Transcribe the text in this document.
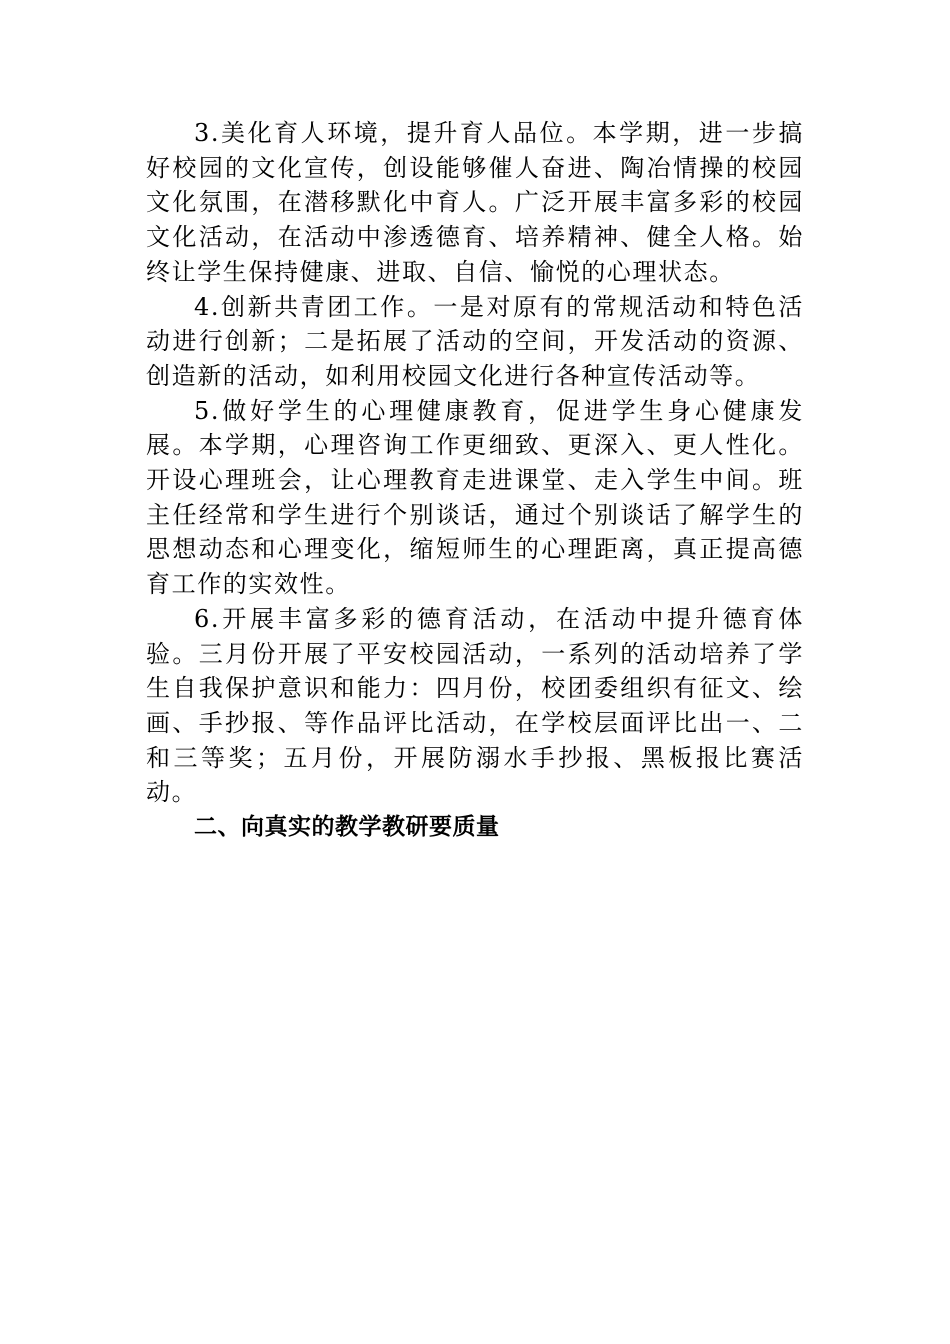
3.美化育人环境，提升育人品位。本学期，进一步搞好校园的文化宣传，创设能够催人奋进、陶冶情操的校园文化氛围，在潜移默化中育人。广泛开展丰富多彩的校园文化活动，在活动中渗透德育、培养精神、健全人格。始终让学生保持健康、进取、自信、愉悦的心理状态。

4.创新共青团工作。一是对原有的常规活动和特色活动进行创新；二是拓展了活动的空间，开发活动的资源、创造新的活动，如利用校园文化进行各种宣传活动等。

5.做好学生的心理健康教育，促进学生身心健康发展。本学期，心理咨询工作更细致、更深入、更人性化。开设心理班会，让心理教育走进课堂、走入学生中间。班主任经常和学生进行个别谈话，通过个别谈话了解学生的思想动态和心理变化，缩短师生的心理距离，真正提高德育工作的实效性。

6.开展丰富多彩的德育活动，在活动中提升德育体验。三月份开展了平安校园活动，一系列的活动培养了学生自我保护意识和能力：四月份，校团委组织有征文、绘画、手抄报、等作品评比活动，在学校层面评比出一、二和三等奖；五月份，开展防溺水手抄报、黑板报比赛活动。

二、向真实的教学教研要质量
